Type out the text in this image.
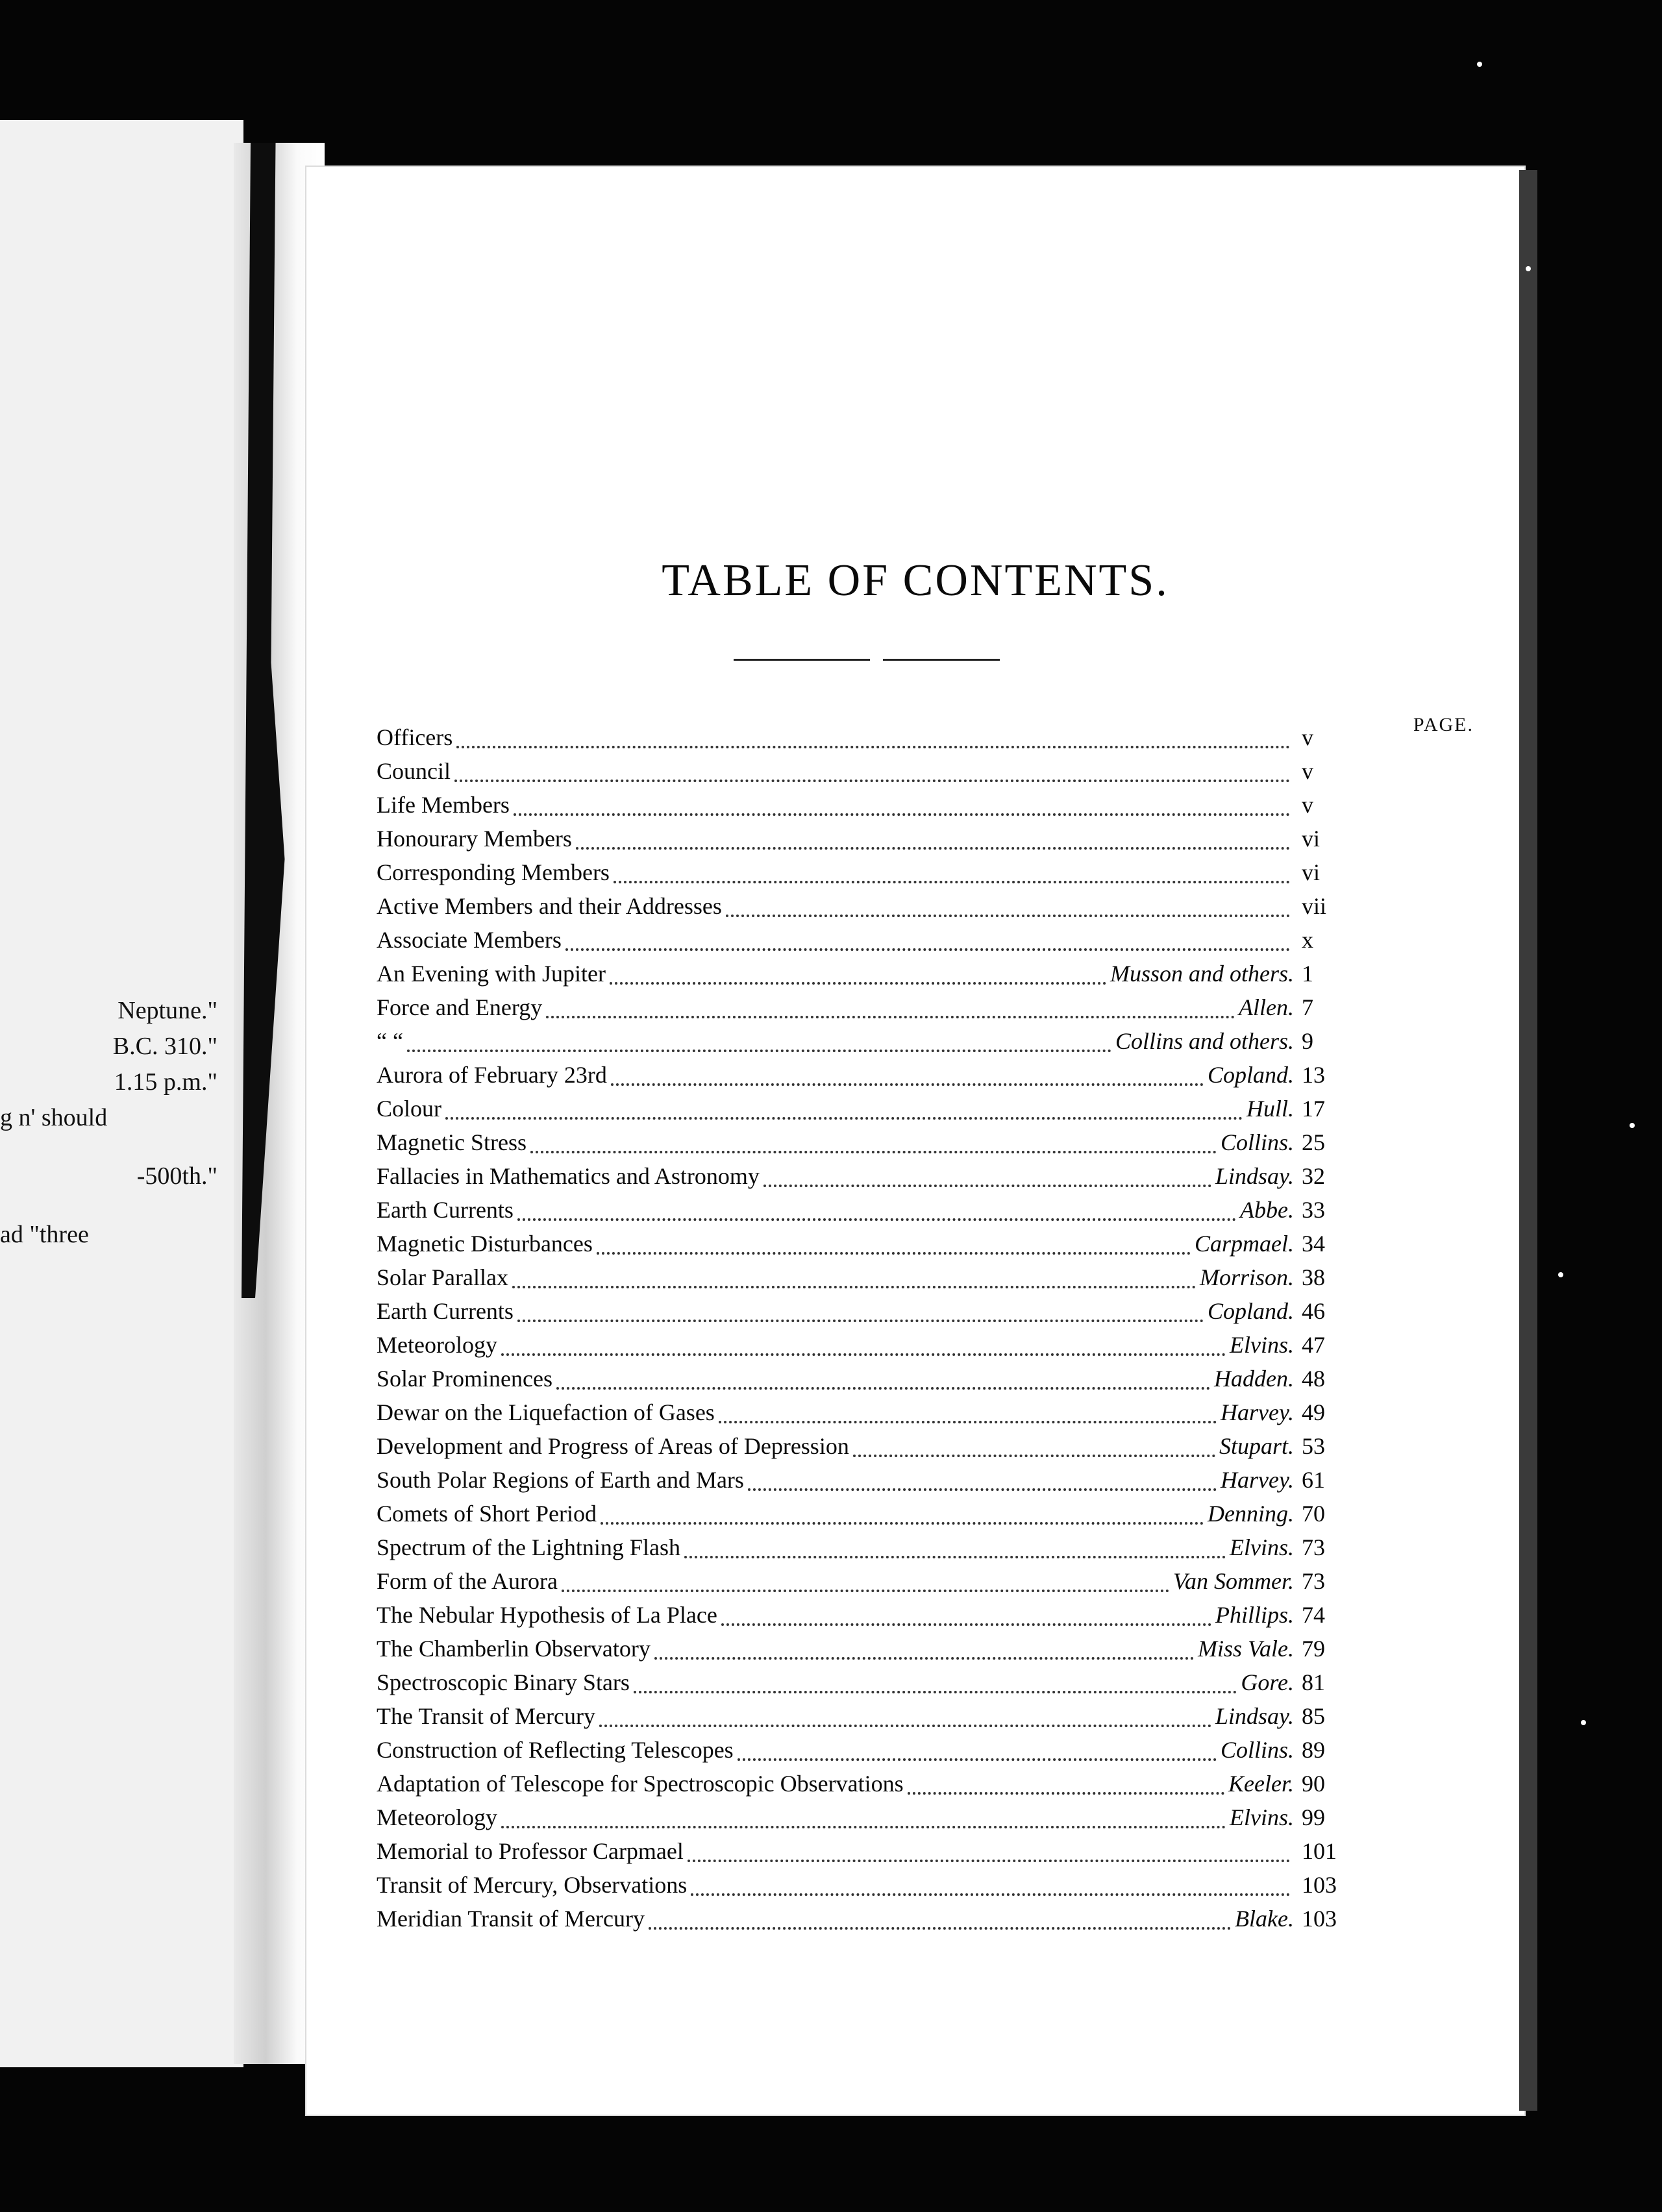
Neptune."
B.C. 310."
1.15 p.m."
g n' should
-500th."
ad "three
TABLE OF CONTENTS.
PAGE.
Officers	v
Council	v
Life Members	v
Honourary Members	vi
Corresponding Members	vi
Active Members and their Addresses	vii
Associate Members	x
An Evening with Jupiter	Musson and others. 1
Force and Energy	Allen. 7
“ “	Collins and others. 9
Aurora of February 23rd	Copland. 13
Colour	Hull. 17
Magnetic Stress	Collins. 25
Fallacies in Mathematics and Astronomy	Lindsay. 32
Earth Currents	Abbe. 33
Magnetic Disturbances	Carpmael. 34
Solar Parallax	Morrison. 38
Earth Currents	Copland. 46
Meteorology	Elvins. 47
Solar Prominences	Hadden. 48
Dewar on the Liquefaction of Gases	Harvey. 49
Development and Progress of Areas of Depression	Stupart. 53
South Polar Regions of Earth and Mars	Harvey. 61
Comets of Short Period	Denning. 70
Spectrum of the Lightning Flash	Elvins. 73
Form of the Aurora	Van Sommer. 73
The Nebular Hypothesis of La Place	Phillips. 74
The Chamberlin Observatory	Miss Vale. 79
Spectroscopic Binary Stars	Gore. 81
The Transit of Mercury	Lindsay. 85
Construction of Reflecting Telescopes	Collins. 89
Adaptation of Telescope for Spectroscopic Observations	Keeler. 90
Meteorology	Elvins. 99
Memorial to Professor Carpmael	101
Transit of Mercury, Observations	103
Meridian Transit of Mercury	Blake. 103
